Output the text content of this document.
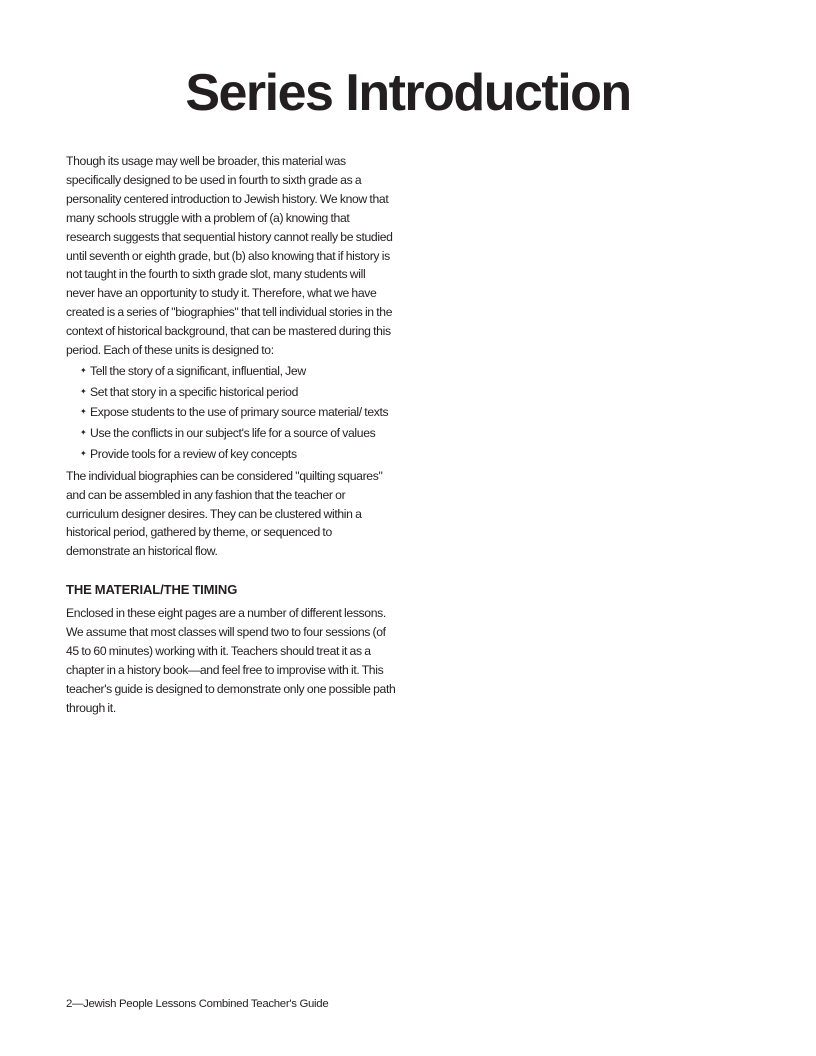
Series Introduction

Though its usage may well be broader, this material was specifically designed to be used in fourth to sixth grade as a personality centered introduction to Jewish history. We know that many schools struggle with a problem of (a) knowing that research suggests that sequential history cannot really be studied until seventh or eighth grade, but (b) also knowing that if history is not taught in the fourth to sixth grade slot, many students will never have an opportunity to study it. Therefore, what we have created is a series of "biographies" that tell individual stories in the context of historical background, that can be mastered during this period. Each of these units is designed to:

✦ Tell the story of a significant, influential, Jew
✦ Set that story in a specific historical period
✦ Expose students to the use of primary source material/ texts
✦ Use the conflicts in our subject's life for a source of values
✦ Provide tools for a review of key concepts

The individual biographies can be considered "quilting squares" and can be assembled in any fashion that the teacher or curriculum designer desires. They can be clustered within a historical period, gathered by theme, or sequenced to demonstrate an historical flow.

THE MATERIAL/THE TIMING

Enclosed in these eight pages are a number of different lessons. We assume that most classes will spend two to four sessions (of 45 to 60 minutes) working with it. Teachers should treat it as a chapter in a history book—and feel free to improvise with it. This teacher's guide is designed to demonstrate only one possible path through it.

2—Jewish People Lessons Combined Teacher's Guide
